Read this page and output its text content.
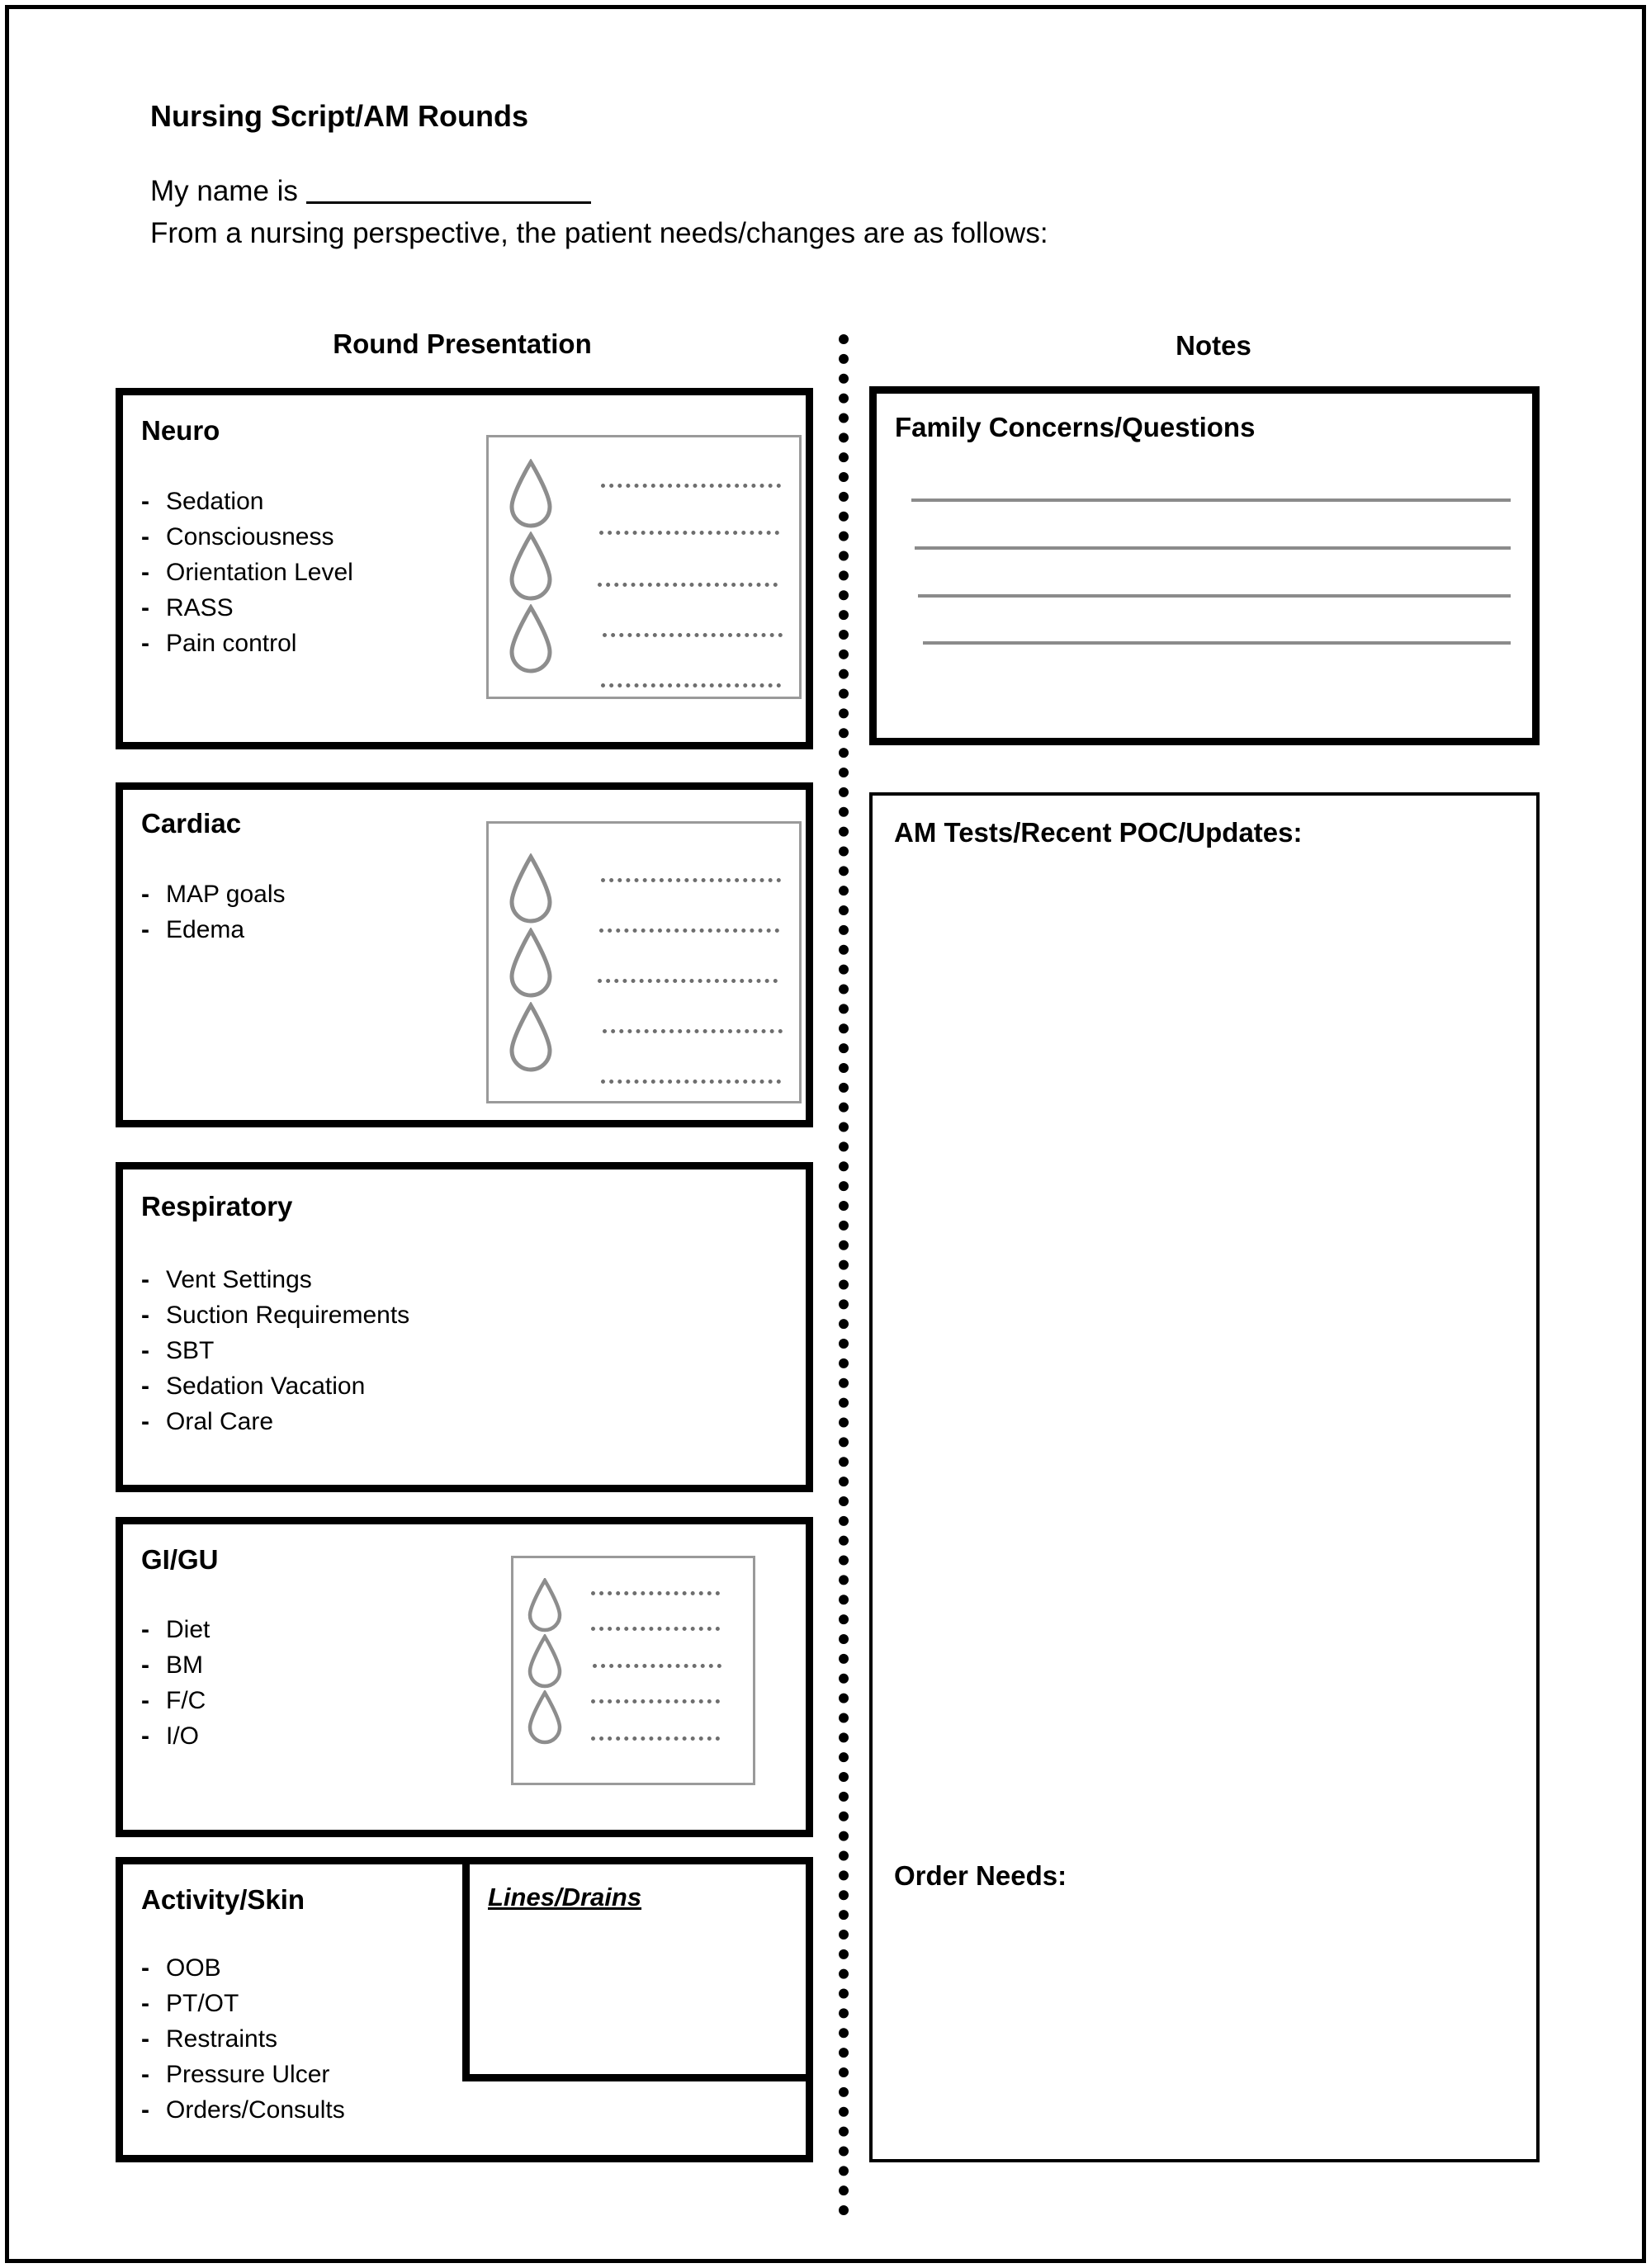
Nursing Script/AM Rounds
My name is
From a nursing perspective, the patient needs/changes are as follows:
Round Presentation	Notes
Neuro
- Sedation
- Consciousness
- Orientation Level
- RASS
- Pain control
Cardiac
- MAP goals
- Edema
Respiratory
- Vent Settings
- Suction Requirements
- SBT
- Sedation Vacation
- Oral Care
GI/GU
- Diet
- BM
- F/C
- I/O
Activity/Skin
- OOB
- PT/OT
- Restraints
- Pressure Ulcer
- Orders/Consults
Lines/Drains
Family Concerns/Questions
AM Tests/Recent POC/Updates:
Order Needs:
